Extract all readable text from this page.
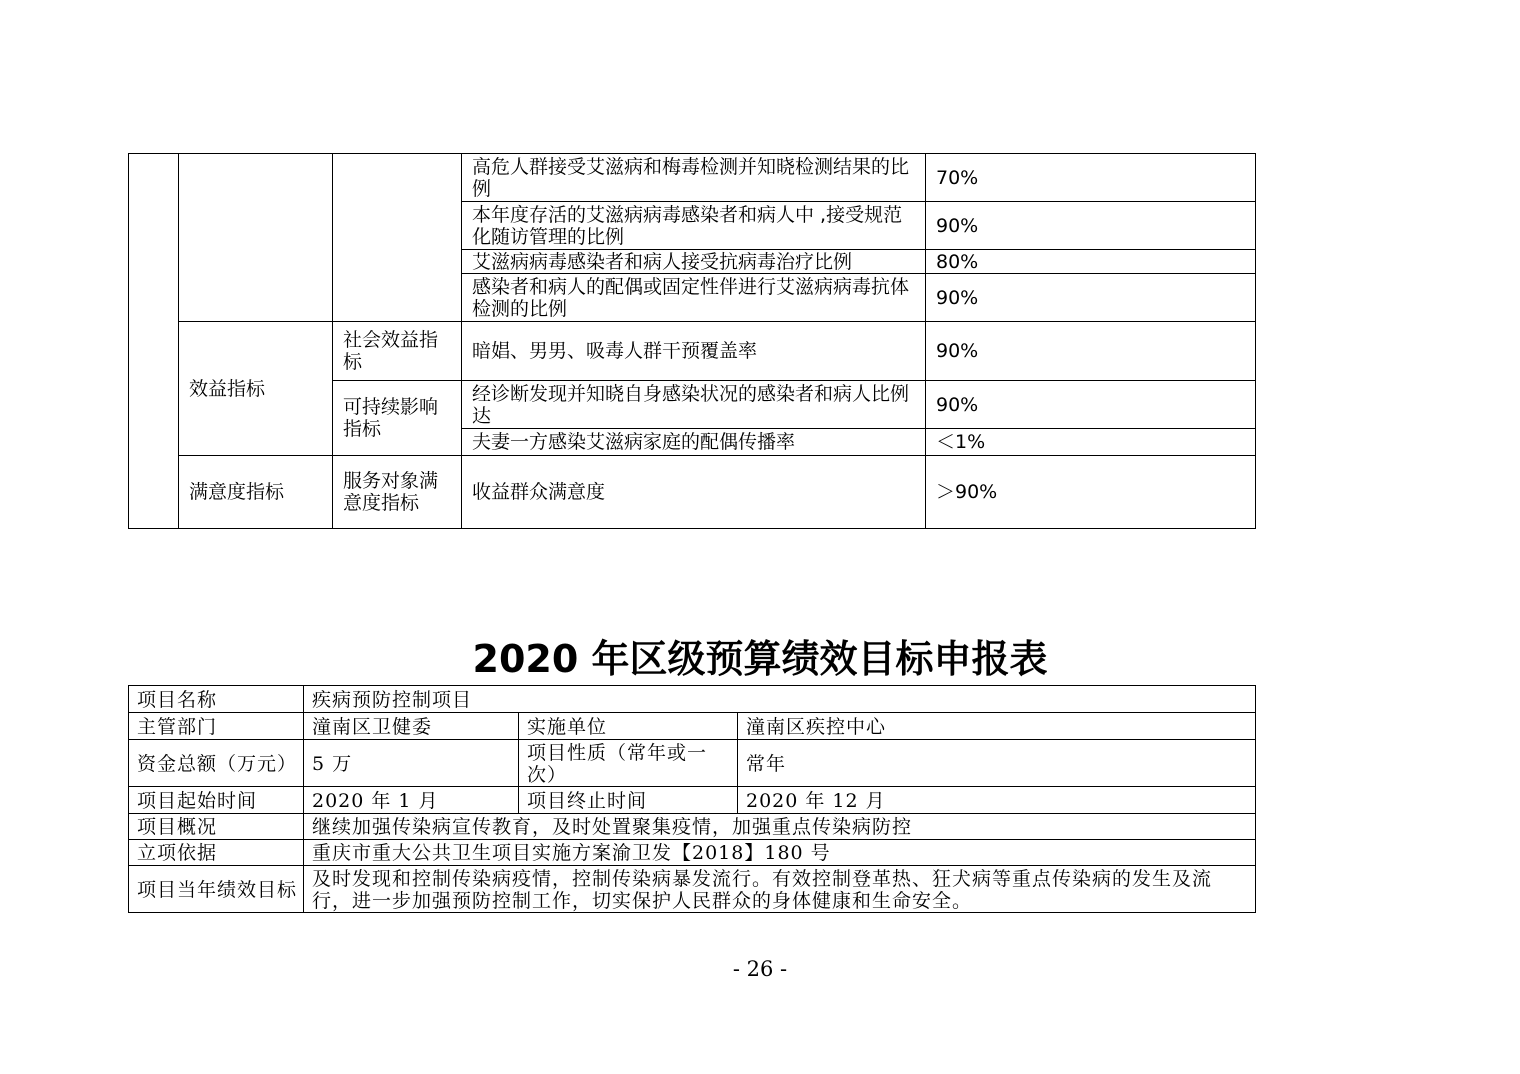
			高危人群接受艾滋病和梅毒检测并知晓检测结果的比例	70%
			本年度存活的艾滋病病毒感染者和病人中 ,接受规范化随访管理的比例	90%
			艾滋病病毒感染者和病人接受抗病毒治疗比例	80%
			感染者和病人的配偶或固定性伴进行艾滋病病毒抗体检测的比例	90%
	效益指标	社会效益指标	暗娼、男男、吸毒人群干预覆盖率	90%
		可持续影响指标	经诊断发现并知晓自身感染状况的感染者和病人比例达	90%
			夫妻一方感染艾滋病家庭的配偶传播率	＜1%
	满意度指标	服务对象满意度指标	收益群众满意度	＞90%
2020 年区级预算绩效目标申报表
项目名称	疾病预防控制项目		
主管部门	潼南区卫健委	实施单位	潼南区疾控中心
资金总额（万元）	5 万	项目性质（常年或一次）	常年
项目起始时间	2020 年 1 月	项目终止时间	2020 年 12 月
项目概况	继续加强传染病宣传教育，及时处置聚集疫情，加强重点传染病防控		
立项依据	重庆市重大公共卫生项目实施方案渝卫发【2018】180 号		
项目当年绩效目标	及时发现和控制传染病疫情，控制传染病暴发流行。有效控制登革热、狂犬病等重点传染病的发生及流行，进一步加强预防控制工作，切实保护人民群众的身体健康和生命安全。		
- 26 -
